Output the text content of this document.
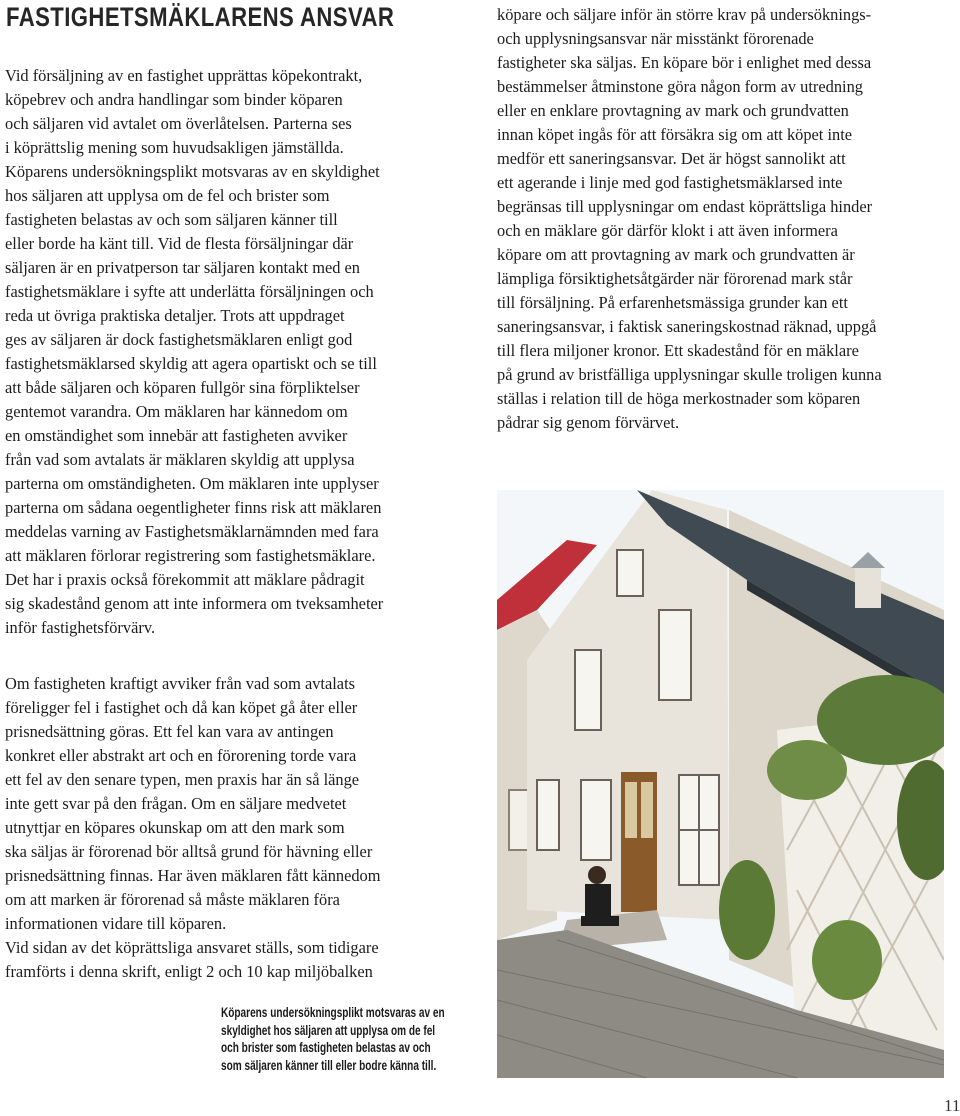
FASTIGHETSMÄKLARENS ANSVAR
Vid försäljning av en fastighet upprättas köpekontrakt,
köpebrev och andra handlingar som binder köparen
och säljaren vid avtalet om överlåtelsen. Parterna ses
i köprättslig mening som huvudsakligen jämställda.
Köparens undersökningsplikt motsvaras av en skyldighet
hos säljaren att upplysa om de fel och brister som
fastigheten belastas av och som säljaren känner till
eller borde ha känt till. Vid de flesta försäljningar där
säljaren är en privatperson tar säljaren kontakt med en
fastighetsmäklare i syfte att underlätta försäljningen och
reda ut övriga praktiska detaljer. Trots att uppdraget
ges av säljaren är dock fastighetsmäklaren enligt god
fastighetsmäklarsed skyldig att agera opartiskt och se till
att både säljaren och köparen fullgör sina förpliktelser
gentemot varandra. Om mäklaren har kännedom om
en omständighet som innebär att fastigheten avviker
från vad som avtalats är mäklaren skyldig att upplysa
parterna om omständigheten. Om mäklaren inte upplyser
parterna om sådana oegentligheter finns risk att mäklaren
meddelas varning av Fastighetsmäklarnämnden med fara
att mäklaren förlorar registrering som fastighetsmäklare.
Det har i praxis också förekommit att mäklare pådragit
sig skadestånd genom att inte informera om tveksamheter
inför fastighetsförvärv.
Om fastigheten kraftigt avviker från vad som avtalats
föreligger fel i fastighet och då kan köpet gå åter eller
prisnedsättning göras. Ett fel kan vara av antingen
konkret eller abstrakt art och en förorening torde vara
ett fel av den senare typen, men praxis har än så länge
inte gett svar på den frågan. Om en säljare medvetet
utnyttjar en köpares okunskap om att den mark som
ska säljas är förorenad bör alltså grund för hävning eller
prisnedsättning finnas. Har även mäklaren fått kännedom
om att marken är förorenad så måste mäklaren föra
informationen vidare till köparen.
Vid sidan av det köprättsliga ansvaret ställs, som tidigare
framförts i denna skrift, enligt 2 och 10 kap miljöbalken
köpare och säljare inför än större krav på undersöknings-
och upplysningsansvar när misstänkt förorenade
fastigheter ska säljas. En köpare bör i enlighet med dessa
bestämmelser åtminstone göra någon form av utredning
eller en enklare provtagning av mark och grundvatten
innan köpet ingås för att försäkra sig om att köpet inte
medför ett saneringsansvar. Det är högst sannolikt att
ett agerande i linje med god fastighetsmäklarsed inte
begränsas till upplysningar om endast köprättsliga hinder
och en mäklare gör därför klokt i att även informera
köpare om att provtagning av mark och grundvatten är
lämpliga försiktighetsåtgärder när förorenad mark står
till försäljning. På erfarenhetsmässiga grunder kan ett
saneringsansvar, i faktisk saneringskostnad räknad, uppgå
till flera miljoner kronor. Ett skadestånd för en mäklare
på grund av bristfälliga upplysningar skulle troligen kunna
ställas i relation till de höga merkostnader som köparen
pådrar sig genom förvärvet.
Köparens undersökningsplikt motsvaras av en
skyldighet hos säljaren att upplysa om de fel
och brister som fastigheten belastas av och
som säljaren känner till eller bodre känna till.
11
